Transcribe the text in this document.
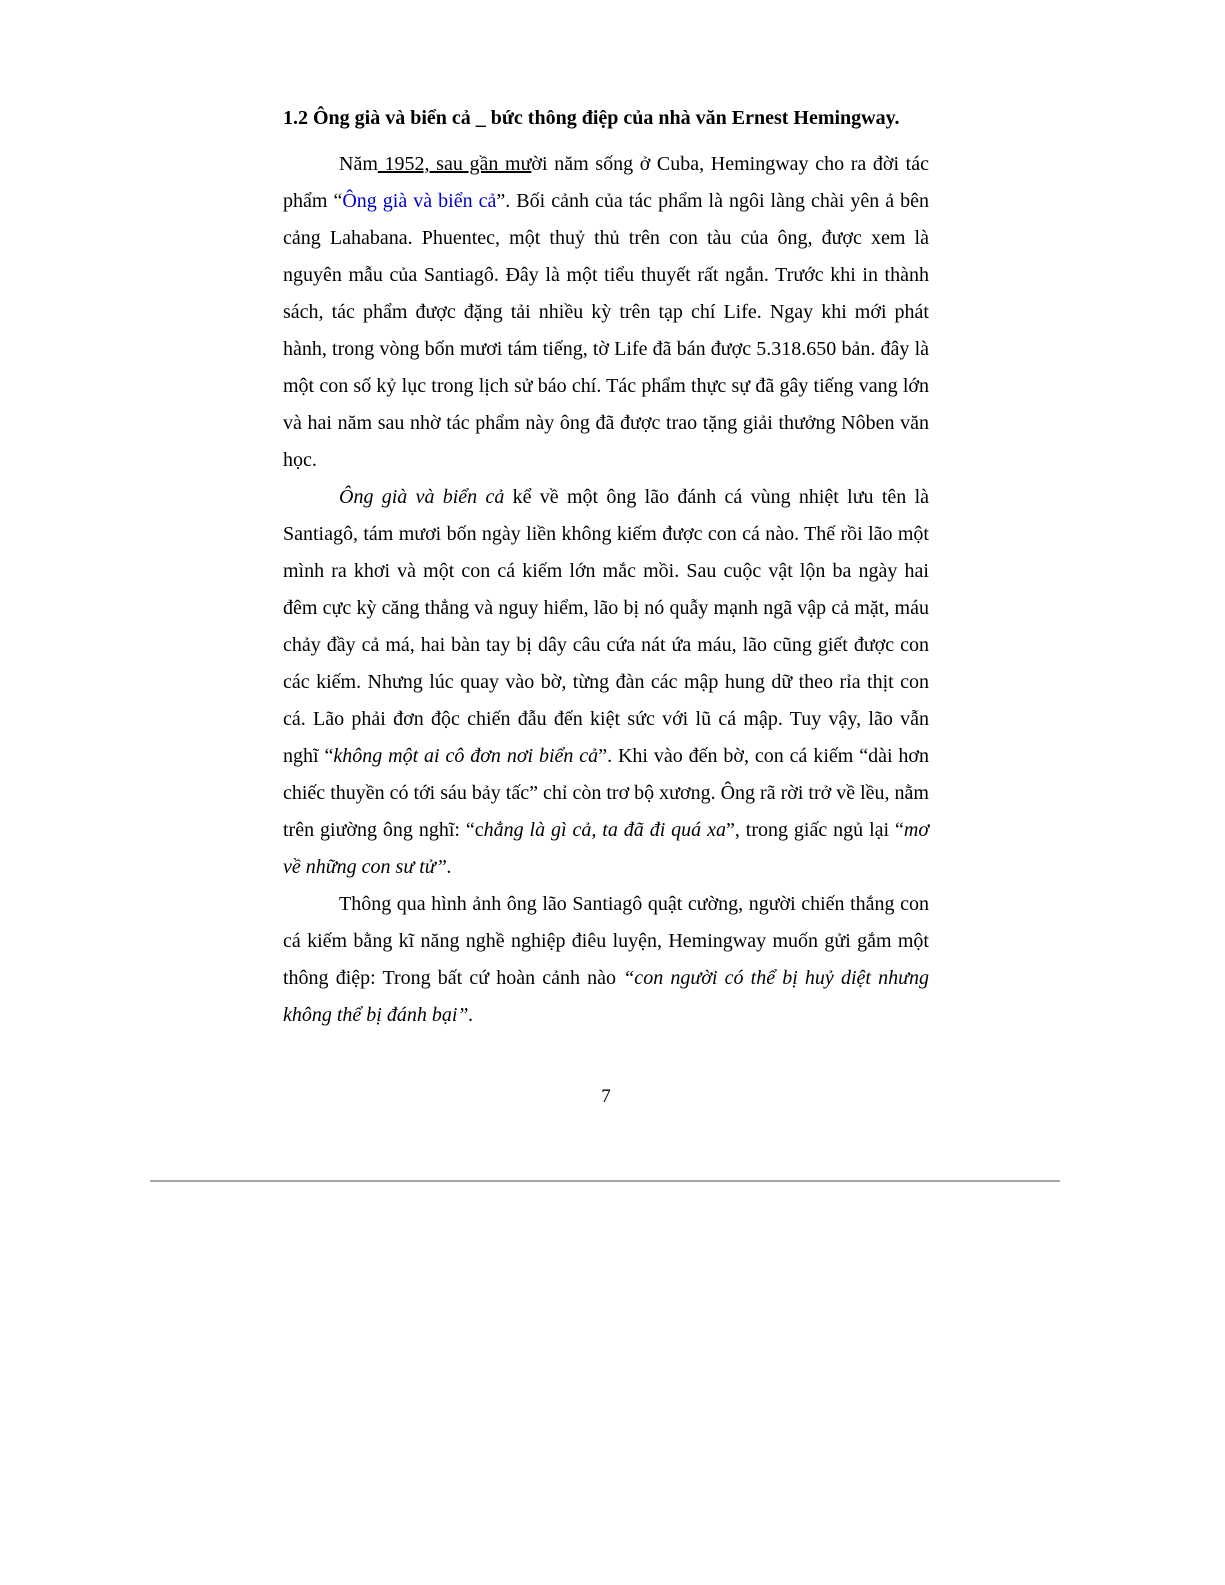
1.2 Ông già và biển cả _ bức thông điệp của nhà văn Ernest Hemingway.

Năm 1952, sau gần mười năm sống ở Cuba, Hemingway cho ra đời tác phẩm “Ông già và biển cả”. Bối cảnh của tác phẩm là ngôi làng chài yên ả bên cảng Lahabana. Phuentec, một thuỷ thủ trên con tàu của ông, được xem là nguyên mẫu của Santiagô. Đây là một tiểu thuyết rất ngắn. Trước khi in thành sách, tác phẩm được đặng tải nhiều kỳ trên tạp chí Life. Ngay khi mới phát hành, trong vòng bốn mươi tám tiếng, tờ Life đã bán được 5.318.650 bản. đây là một con số kỷ lục trong lịch sử báo chí. Tác phẩm thực sự đã gây tiếng vang lớn và hai năm sau nhờ tác phẩm này ông đã được trao tặng giải thưởng Nôben văn học.

Ông già và biển cả kể về một ông lão đánh cá vùng nhiệt lưu tên là Santiagô, tám mươi bốn ngày liền không kiếm được con cá nào. Thế rồi lão một mình ra khơi và một con cá kiếm lớn mắc mồi. Sau cuộc vật lộn ba ngày hai đêm cực kỳ căng thẳng và nguy hiểm, lão bị nó quẫy mạnh ngã vập cả mặt, máu chảy đầy cả má, hai bàn tay bị dây câu cứa nát ứa máu, lão cũng giết được con các kiếm. Nhưng lúc quay vào bờ, từng đàn các mập hung dữ theo rỉa thịt con cá. Lão phải đơn độc chiến đẫu đến kiệt sức với lũ cá mập. Tuy vậy, lão vẫn nghĩ “không một ai cô đơn nơi biển cả”. Khi vào đến bờ, con cá kiếm “dài hơn chiếc thuyền có tới sáu bảy tấc” chỉ còn trơ bộ xương. Ông rã rời trở về lều, nằm trên giường ông nghĩ: “chẳng là gì cả, ta đã đi quá xa”, trong giấc ngủ lại “mơ về những con sư tử”.

Thông qua hình ảnh ông lão Santiagô quật cường, người chiến thắng con cá kiếm bằng kĩ năng nghề nghiệp điêu luyện, Hemingway muốn gửi gắm một thông điệp: Trong bất cứ hoàn cảnh nào “con người có thể bị huỷ diệt nhưng không thể bị đánh bại”.

7
